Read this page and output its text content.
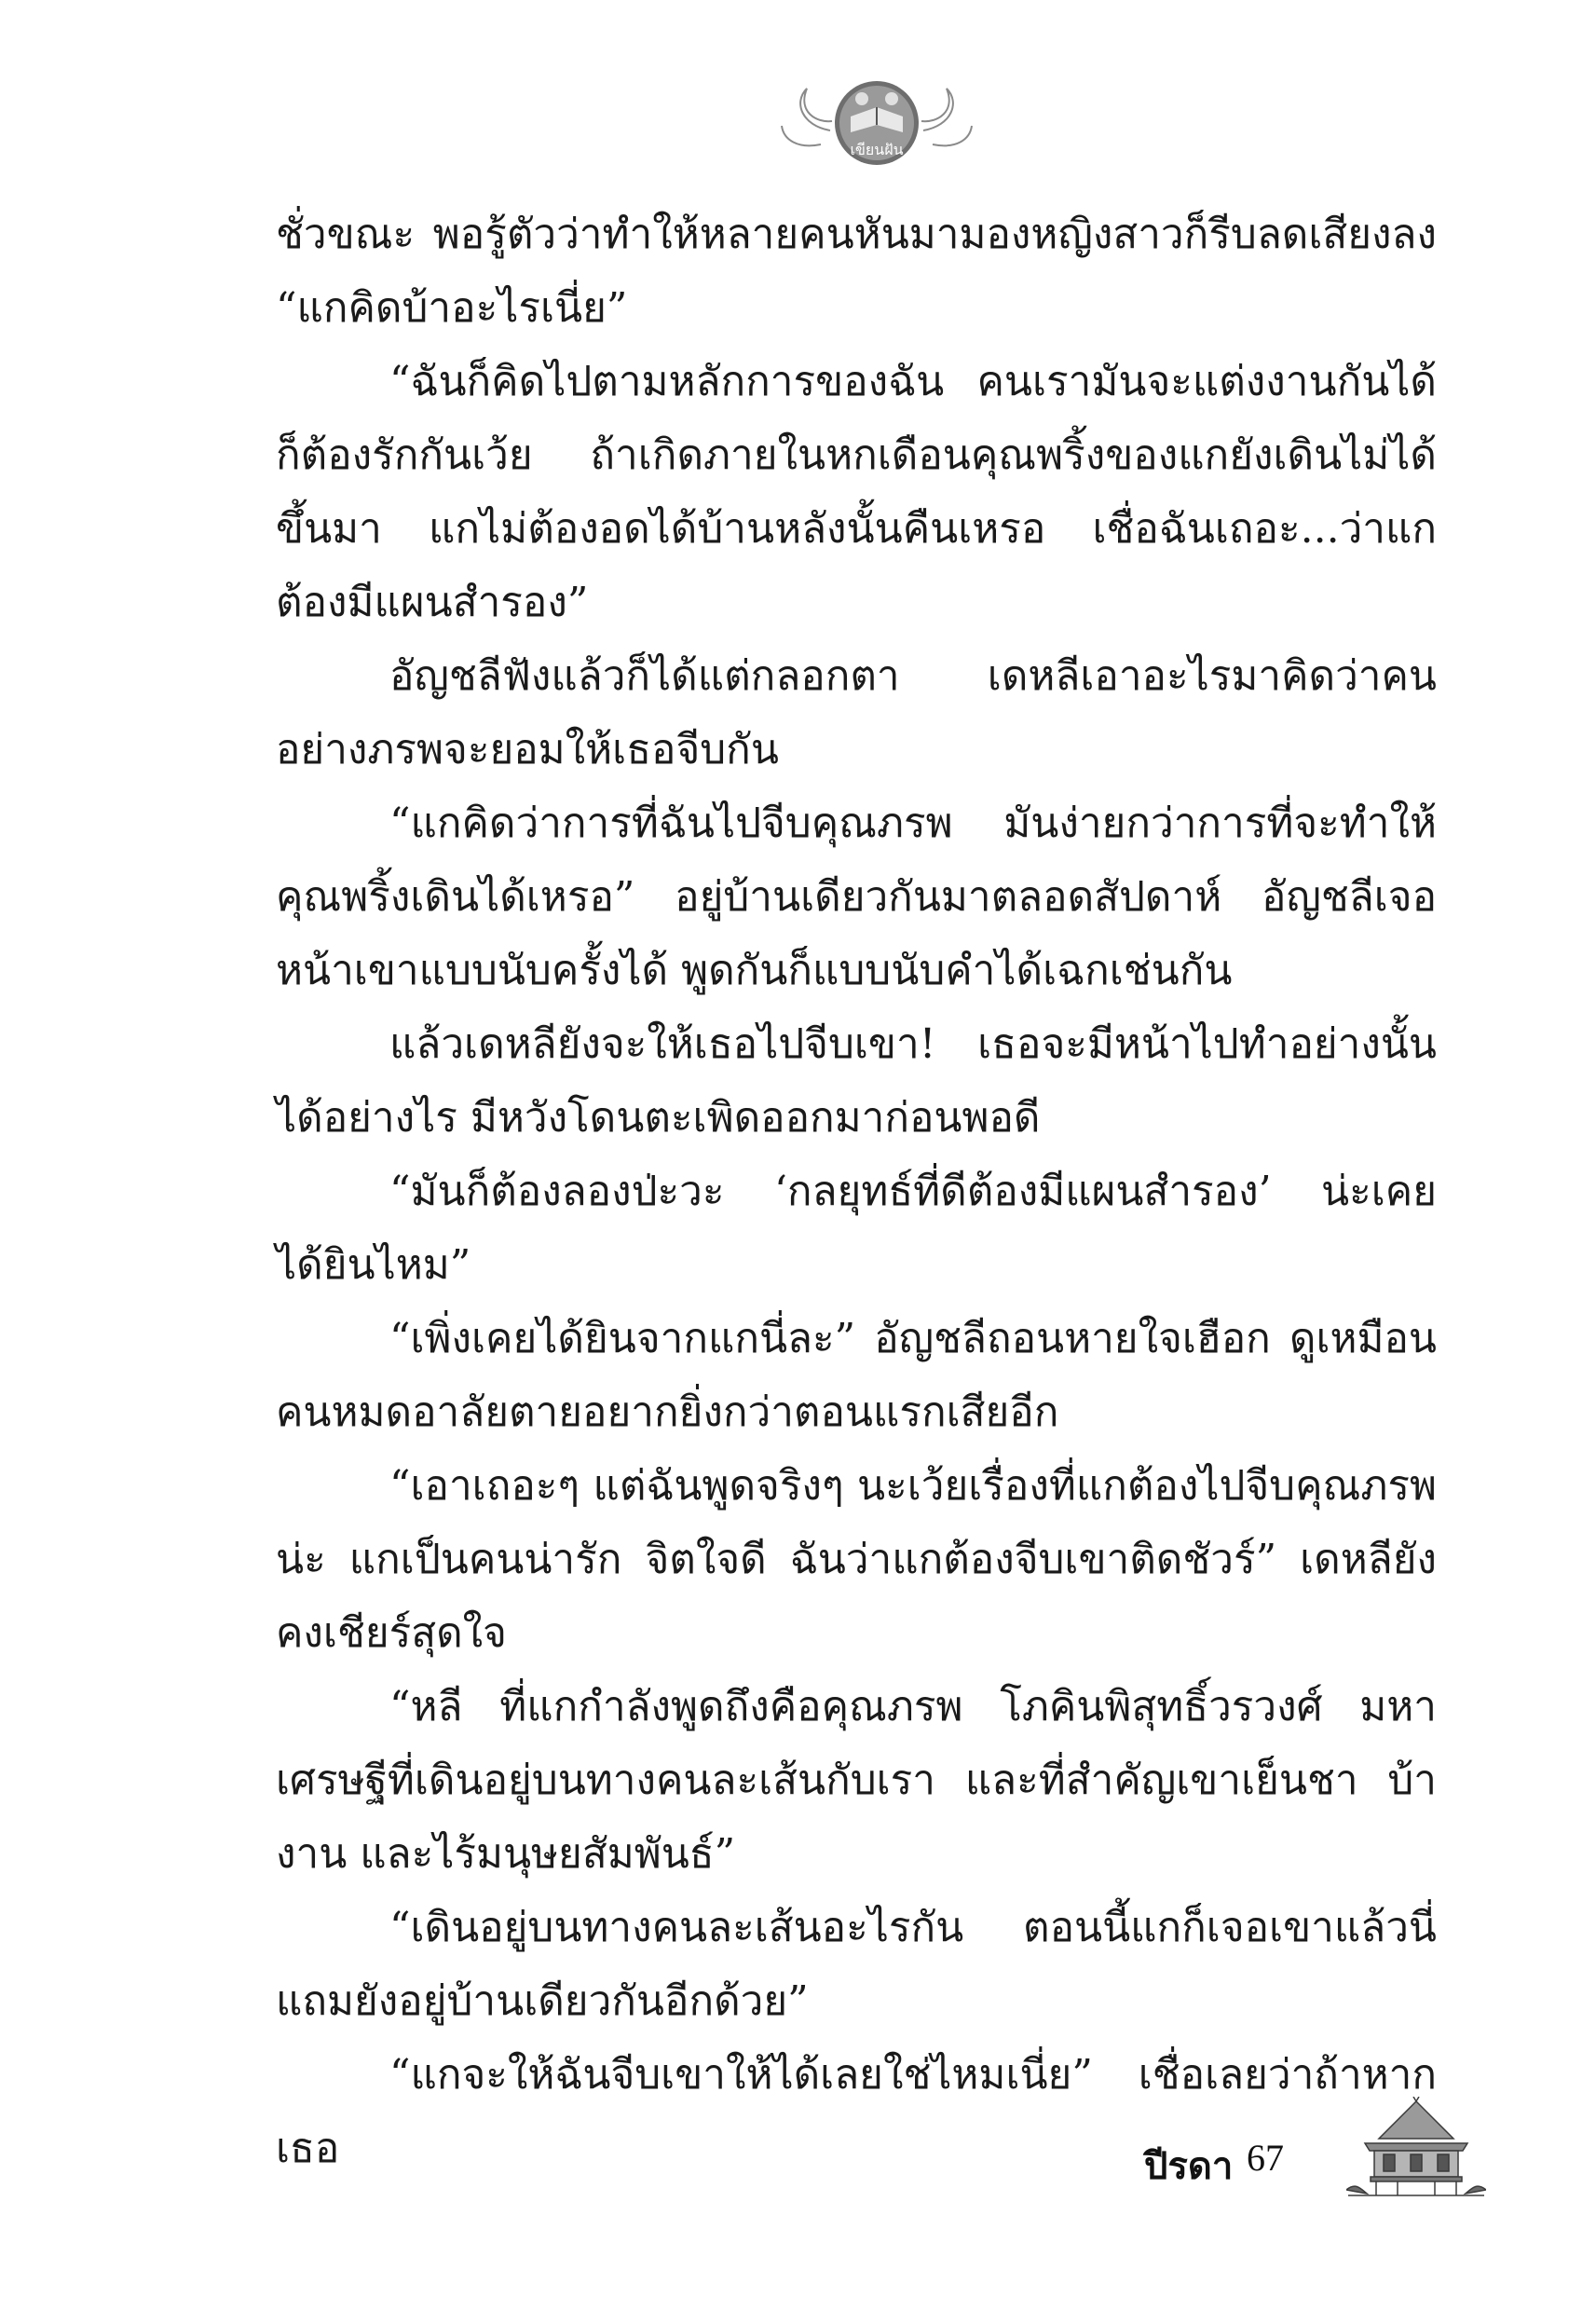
เขียนฝัน

ชั่วขณะ พอรู้ตัวว่าทำให้หลายคนหันมามองหญิงสาวก็รีบลดเสียงลง “แกคิดบ้าอะไรเนี่ย”

“ฉันก็คิดไปตามหลักการของฉัน คนเรามันจะแต่งงานกันได้ก็ต้องรักกันเว้ย ถ้าเกิดภายในหกเดือนคุณพริ้งของแกยังเดินไม่ได้ขึ้นมา แกไม่ต้องอดได้บ้านหลังนั้นคืนเหรอ เชื่อฉันเถอะ...ว่าแกต้องมีแผนสำรอง”

อัญชลีฟังแล้วก็ได้แต่กลอกตา เดหลีเอาอะไรมาคิดว่าคนอย่างภรพจะยอมให้เธอจีบกัน

“แกคิดว่าการที่ฉันไปจีบคุณภรพ มันง่ายกว่าการที่จะทำให้คุณพริ้งเดินได้เหรอ” อยู่บ้านเดียวกันมาตลอดสัปดาห์ อัญชลีเจอหน้าเขาแบบนับครั้งได้ พูดกันก็แบบนับคำได้เฉกเช่นกัน

แล้วเดหลียังจะให้เธอไปจีบเขา! เธอจะมีหน้าไปทำอย่างนั้นได้อย่างไร มีหวังโดนตะเพิดออกมาก่อนพอดี

“มันก็ต้องลองป่ะวะ ‘กลยุทธ์ที่ดีต้องมีแผนสำรอง’ น่ะเคยได้ยินไหม”

“เพิ่งเคยได้ยินจากแกนี่ละ” อัญชลีถอนหายใจเฮือก ดูเหมือนคนหมดอาลัยตายอยากยิ่งกว่าตอนแรกเสียอีก

“เอาเถอะๆ แต่ฉันพูดจริงๆ นะเว้ยเรื่องที่แกต้องไปจีบคุณภรพน่ะ แกเป็นคนน่ารัก จิตใจดี ฉันว่าแกต้องจีบเขาติดชัวร์” เดหลียังคงเชียร์สุดใจ

“หลี ที่แกกำลังพูดถึงคือคุณภรพ โภคินพิสุทธิ์วรวงศ์ มหาเศรษฐีที่เดินอยู่บนทางคนละเส้นกับเรา และที่สำคัญเขาเย็นชา บ้างาน และไร้มนุษยสัมพันธ์”

“เดินอยู่บนทางคนละเส้นอะไรกัน ตอนนี้แกก็เจอเขาแล้วนี่ แถมยังอยู่บ้านเดียวกันอีกด้วย”

“แกจะให้ฉันจีบเขาให้ได้เลยใช่ไหมเนี่ย” เชื่อเลยว่าถ้าหากเธอ	ปีรดา 67
